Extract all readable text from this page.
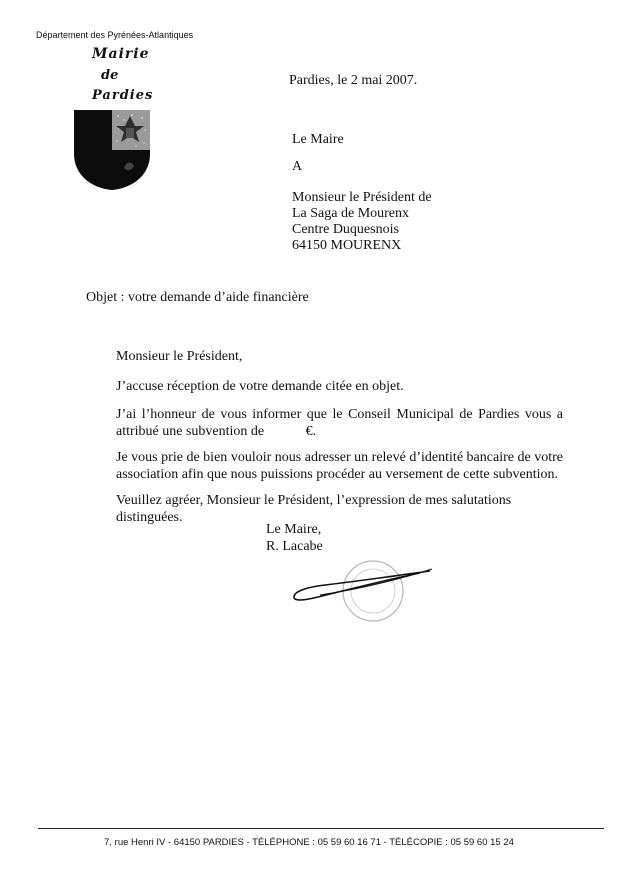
Département des Pyrénées-Atlantiques
Mairie
de
Pardies
Pardies, le 2 mai 2007.
Le Maire
A
Monsieur le Président de
La Saga de Mourenx
Centre Duquesnois
64150 MOURENX
Objet : votre demande d’aide financière
Monsieur le Président,
J’accuse réception de votre demande citée en objet.
J’ai l’honneur de vous informer que le Conseil Municipal de Pardies vous a attribué une subvention de	€.
Je vous prie de bien vouloir nous adresser un relevé d’identité bancaire de votre association afin que nous puissions procéder au versement de cette subvention.
Veuillez agréer, Monsieur le Président, l’expression de mes salutations distinguées.
Le Maire,
R. Lacabe
7, rue Henri IV - 64150 PARDIES - TÉLÉPHONE : 05 59 60 16 71 - TÉLÉCOPIE : 05 59 60 15 24
